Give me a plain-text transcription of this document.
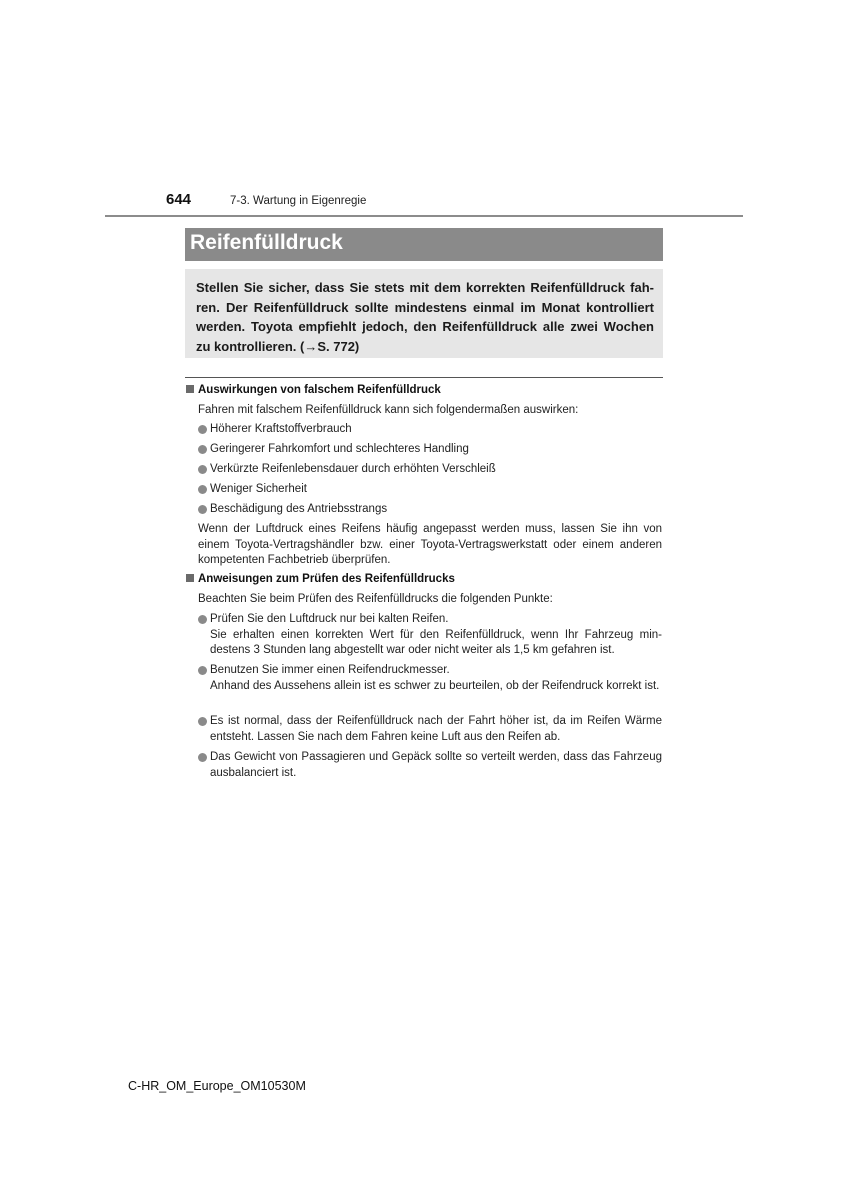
644	7-3. Wartung in Eigenregie
Reifenfülldruck

Stellen Sie sicher, dass Sie stets mit dem korrekten Reifenfülldruck fahren. Der Reifenfülldruck sollte mindestens einmal im Monat kontrolliert werden. Toyota empfiehlt jedoch, den Reifenfülldruck alle zwei Wochen zu kontrollieren. (→S. 772)

Auswirkungen von falschem Reifenfülldruck

Fahren mit falschem Reifenfülldruck kann sich folgendermaßen auswirken:

Höherer Kraftstoffverbrauch
Geringerer Fahrkomfort und schlechteres Handling
Verkürzte Reifenlebensdauer durch erhöhten Verschleiß
Weniger Sicherheit
Beschädigung des Antriebsstrangs

Wenn der Luftdruck eines Reifens häufig angepasst werden muss, lassen Sie ihn von einem Toyota-Vertragshändler bzw. einer Toyota-Vertragswerkstatt oder einem anderen kompetenten Fachbetrieb überprüfen.

Anweisungen zum Prüfen des Reifenfülldrucks

Beachten Sie beim Prüfen des Reifenfülldrucks die folgenden Punkte:

Prüfen Sie den Luftdruck nur bei kalten Reifen.
Sie erhalten einen korrekten Wert für den Reifenfülldruck, wenn Ihr Fahrzeug mindestens 3 Stunden lang abgestellt war oder nicht weiter als 1,5 km gefahren ist.
Benutzen Sie immer einen Reifendruckmesser.
Anhand des Aussehens allein ist es schwer zu beurteilen, ob der Reifendruck korrekt ist.
Es ist normal, dass der Reifenfülldruck nach der Fahrt höher ist, da im Reifen Wärme entsteht. Lassen Sie nach dem Fahren keine Luft aus den Reifen ab.
Das Gewicht von Passagieren und Gepäck sollte so verteilt werden, dass das Fahrzeug ausbalanciert ist.
C-HR_OM_Europe_OM10530M
